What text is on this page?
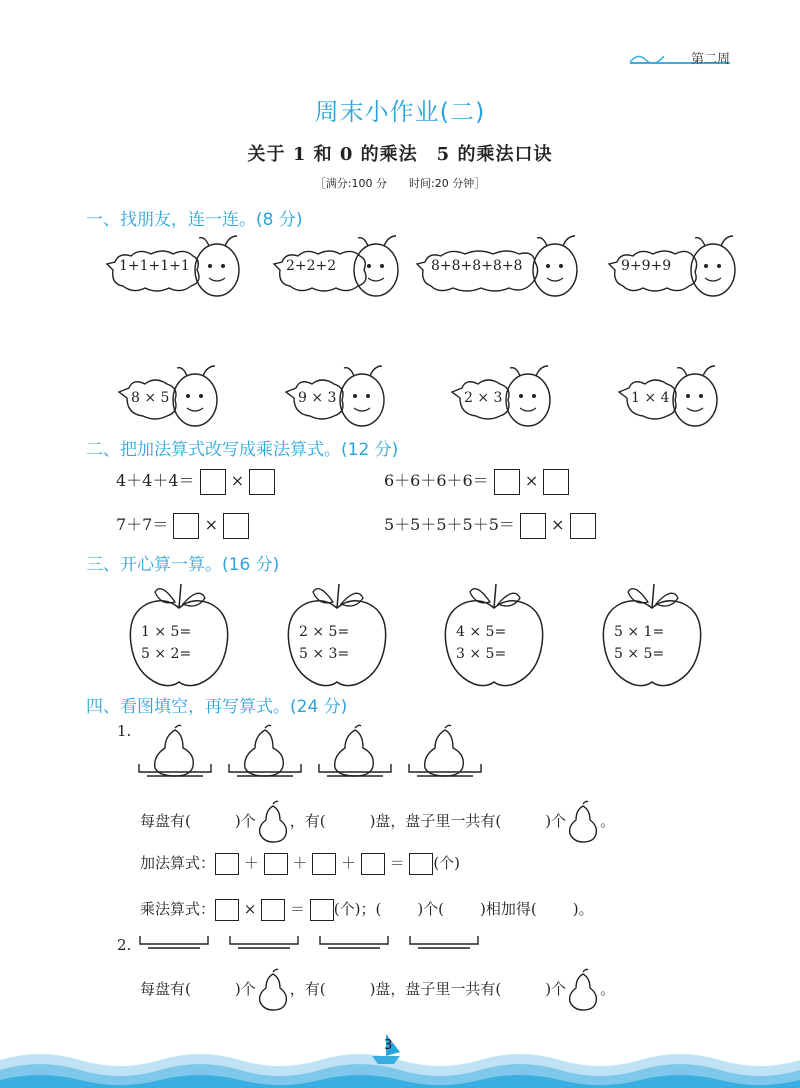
第二周
周末小作业(二)
关于 1 和 0 的乘法　5 的乘法口诀
［满分:100 分　　时间:20 分钟］
一、找朋友，连一连。(8 分)
1+1+1+1	2+2+2	8+8+8+8+8	9+9+9
8 × 5	9 × 3	2 × 3	1 × 4
二、把加法算式改写成乘法算式。(12 分)
4＋4＋4＝ ×	6＋6＋6＋6＝ ×
7＋7＝ ×	5＋5＋5＋5＋5＝ ×
三、开心算一算。(16 分)
1 × 5=
5 × 2=
2 × 5=
5 × 3=
4 × 5=
3 × 5=
5 × 1=
5 × 5=
四、看图填空，再写算式。(24 分)
1.
每盘有(	)个 ，有(	)盘，盘子里一共有(	)个 。
加法算式： ＋ ＋ ＋ ＝ (个)
乘法算式： × ＝ (个)；( )个( )相加得( )。
2.
每盘有(	)个 ，有(	)盘，盘子里一共有(	)个 。
3
